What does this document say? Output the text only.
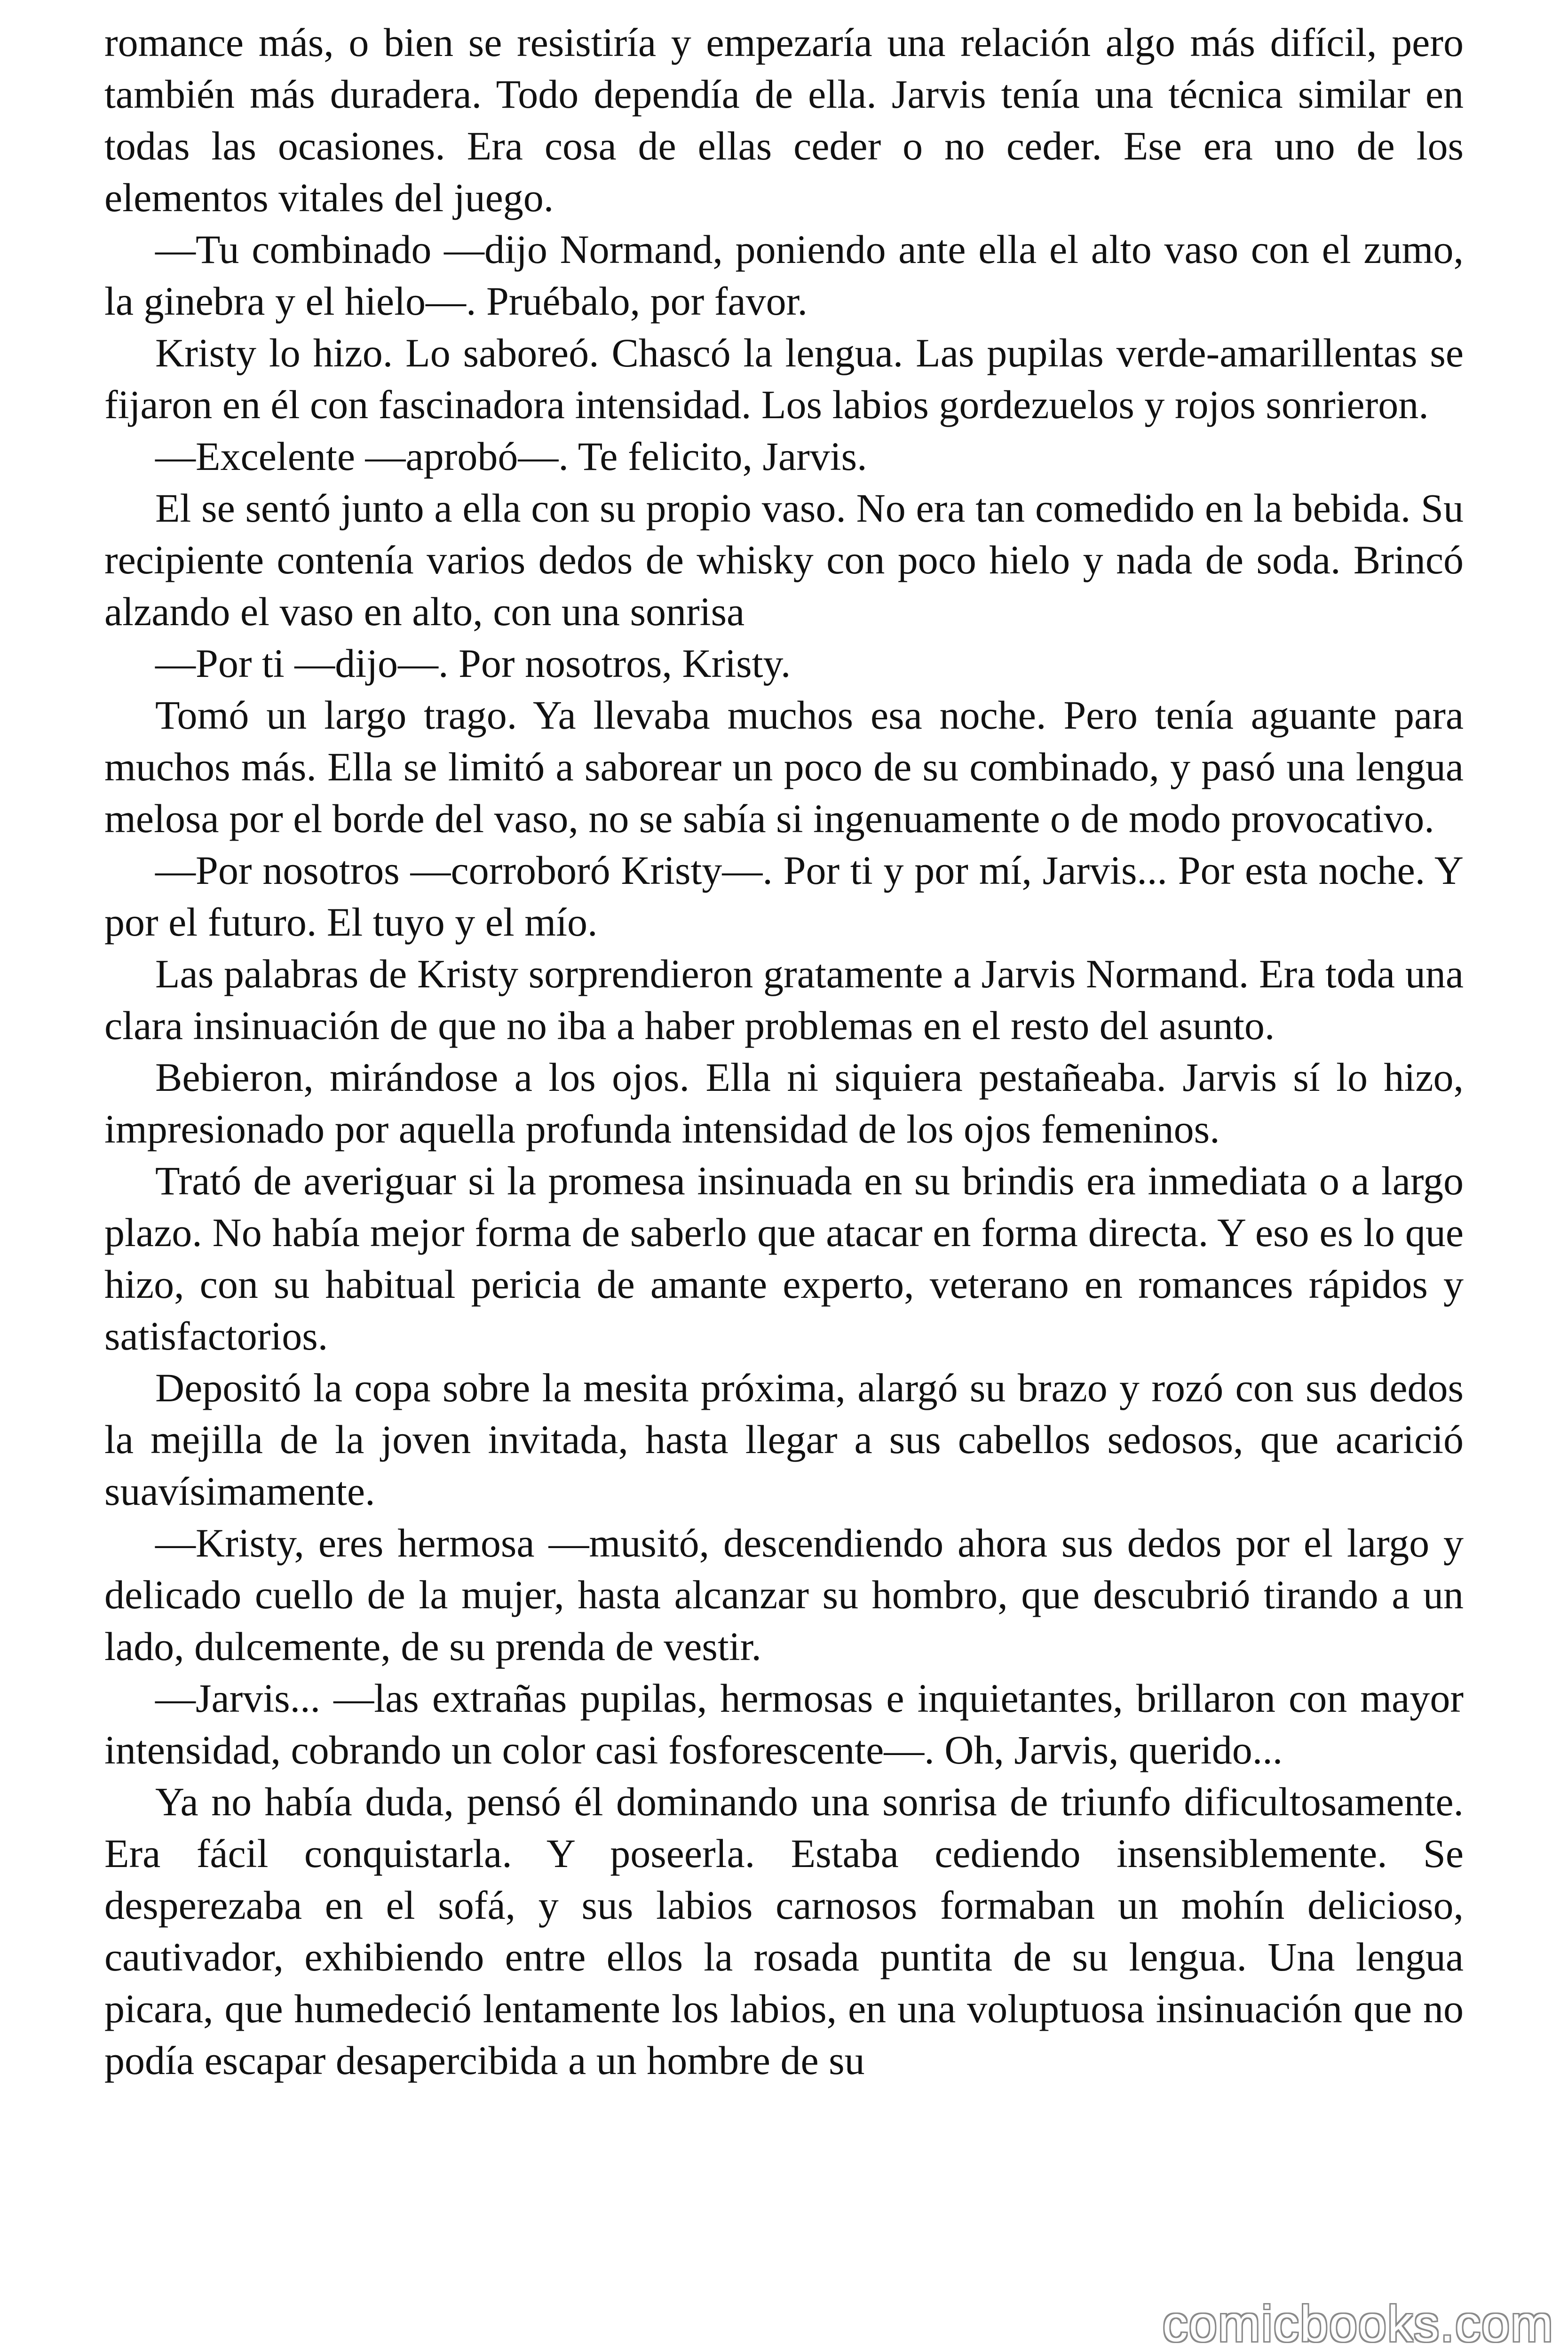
romance más, o bien se resistiría y empezaría una relación algo más difícil, pero también más duradera. Todo dependía de ella. Jarvis tenía una técnica similar en todas las ocasiones. Era cosa de ellas ceder o no ceder. Ese era uno de los elementos vitales del juego.

—Tu combinado —dijo Normand, poniendo ante ella el alto vaso con el zumo, la ginebra y el hielo—. Pruébalo, por favor.

Kristy lo hizo. Lo saboreó. Chascó la lengua. Las pupilas verde-amarillentas se fijaron en él con fascinadora intensidad. Los labios gordezuelos y rojos sonrieron.

—Excelente —aprobó—. Te felicito, Jarvis.

El se sentó junto a ella con su propio vaso. No era tan comedido en la bebida. Su recipiente contenía varios dedos de whisky con poco hielo y nada de soda. Brincó alzando el vaso en alto, con una sonrisa

—Por ti —dijo—. Por nosotros, Kristy.

Tomó un largo trago. Ya llevaba muchos esa noche. Pero tenía aguante para muchos más. Ella se limitó a saborear un poco de su combinado, y pasó una lengua melosa por el borde del vaso, no se sabía si ingenuamente o de modo provocativo.

—Por nosotros —corroboró Kristy—. Por ti y por mí, Jarvis... Por esta noche. Y por el futuro. El tuyo y el mío.

Las palabras de Kristy sorprendieron gratamente a Jarvis Normand. Era toda una clara insinuación de que no iba a haber problemas en el resto del asunto.

Bebieron, mirándose a los ojos. Ella ni siquiera pestañeaba. Jarvis sí lo hizo, impresionado por aquella profunda intensidad de los ojos femeninos.

Trató de averiguar si la promesa insinuada en su brindis era inmediata o a largo plazo. No había mejor forma de saberlo que atacar en forma directa. Y eso es lo que hizo, con su habitual pericia de amante experto, veterano en romances rápidos y satisfactorios.

Depositó la copa sobre la mesita próxima, alargó su brazo y rozó con sus dedos la mejilla de la joven invitada, hasta llegar a sus cabellos sedosos, que acarició suavísimamente.

—Kristy, eres hermosa —musitó, descendiendo ahora sus dedos por el largo y delicado cuello de la mujer, hasta alcanzar su hombro, que descubrió tirando a un lado, dulcemente, de su prenda de vestir.

—Jarvis... —las extrañas pupilas, hermosas e inquietantes, brillaron con mayor intensidad, cobrando un color casi fosforescente—. Oh, Jarvis, querido...

Ya no había duda, pensó él dominando una sonrisa de triunfo dificultosamente. Era fácil conquistarla. Y poseerla. Estaba cediendo insensiblemente. Se desperezaba en el sofá, y sus labios carnosos formaban un mohín delicioso, cautivador, exhibiendo entre ellos la rosada puntita de su lengua. Una lengua picara, que humedeció lentamente los labios, en una voluptuosa insinuación que no podía escapar desapercibida a un hombre de su

comicbooks.com
